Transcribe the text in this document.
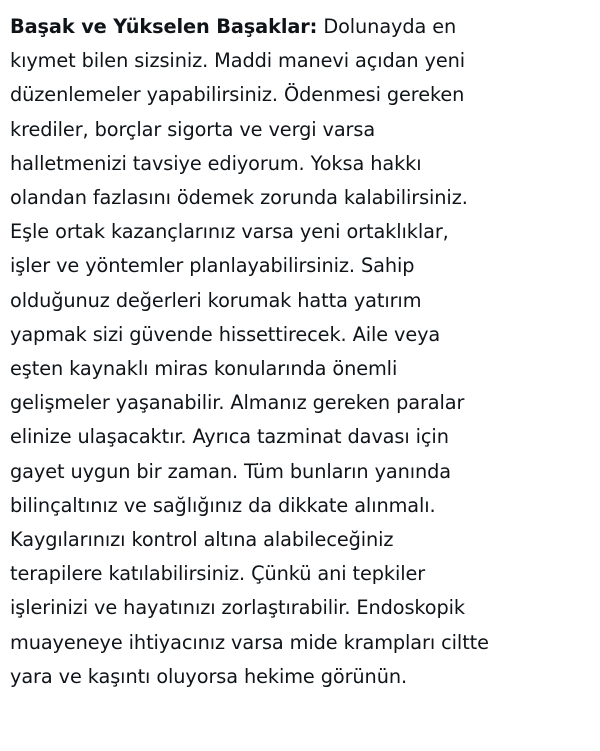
Başak ve Yükselen Başaklar: Dolunayda en
kıymet bilen sizsiniz. Maddi manevi açıdan yeni
düzenlemeler yapabilirsiniz. Ödenmesi gereken
krediler, borçlar sigorta ve vergi varsa
halletmenizi tavsiye ediyorum. Yoksa hakkı
olandan fazlasını ödemek zorunda kalabilirsiniz.
Eşle ortak kazançlarınız varsa yeni ortaklıklar,
işler ve yöntemler planlayabilirsiniz. Sahip
olduğunuz değerleri korumak hatta yatırım
yapmak sizi güvende hissettirecek. Aile veya
eşten kaynaklı miras konularında önemli
gelişmeler yaşanabilir. Almanız gereken paralar
elinize ulaşacaktır. Ayrıca tazminat davası için
gayet uygun bir zaman. Tüm bunların yanında
bilinçaltınız ve sağlığınız da dikkate alınmalı.
Kaygılarınızı kontrol altına alabileceğiniz
terapilere katılabilirsiniz. Çünkü ani tepkiler
işlerinizi ve hayatınızı zorlaştırabilir. Endoskopik
muayeneye ihtiyacınız varsa mide krampları ciltte
yara ve kaşıntı oluyorsa hekime görünün.
